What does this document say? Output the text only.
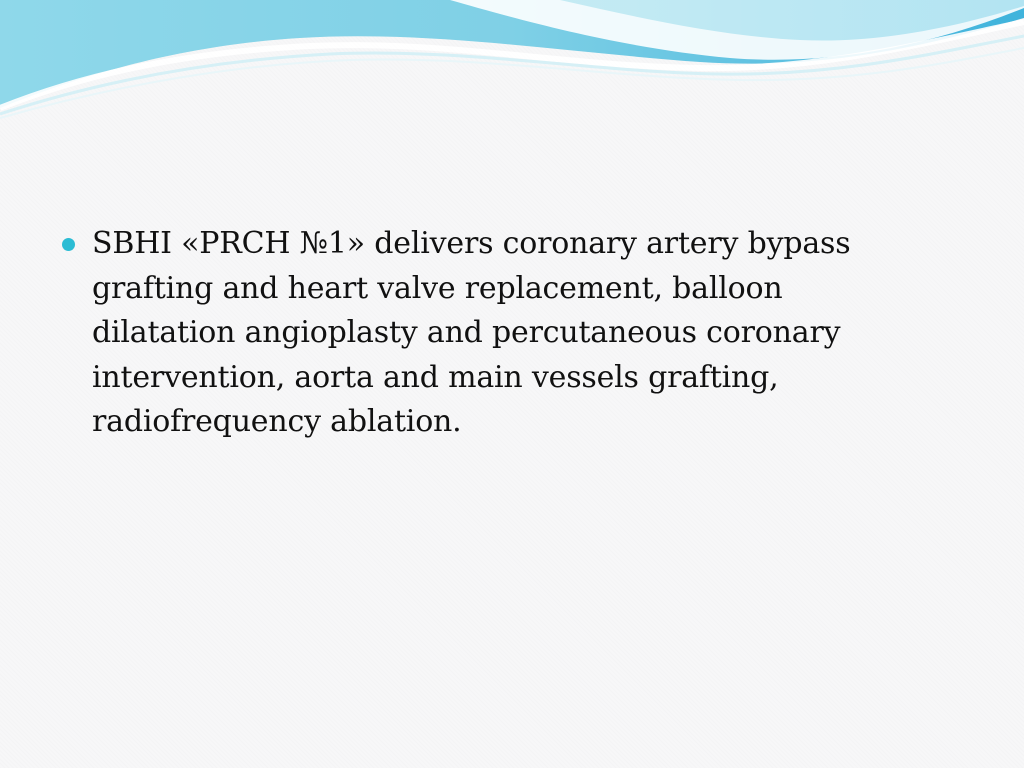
SBHI «PRCH №1» delivers coronary artery bypass grafting and heart valve replacement, balloon dilatation angioplasty and percutaneous coronary intervention, aorta and main vessels grafting, radiofrequency ablation.
